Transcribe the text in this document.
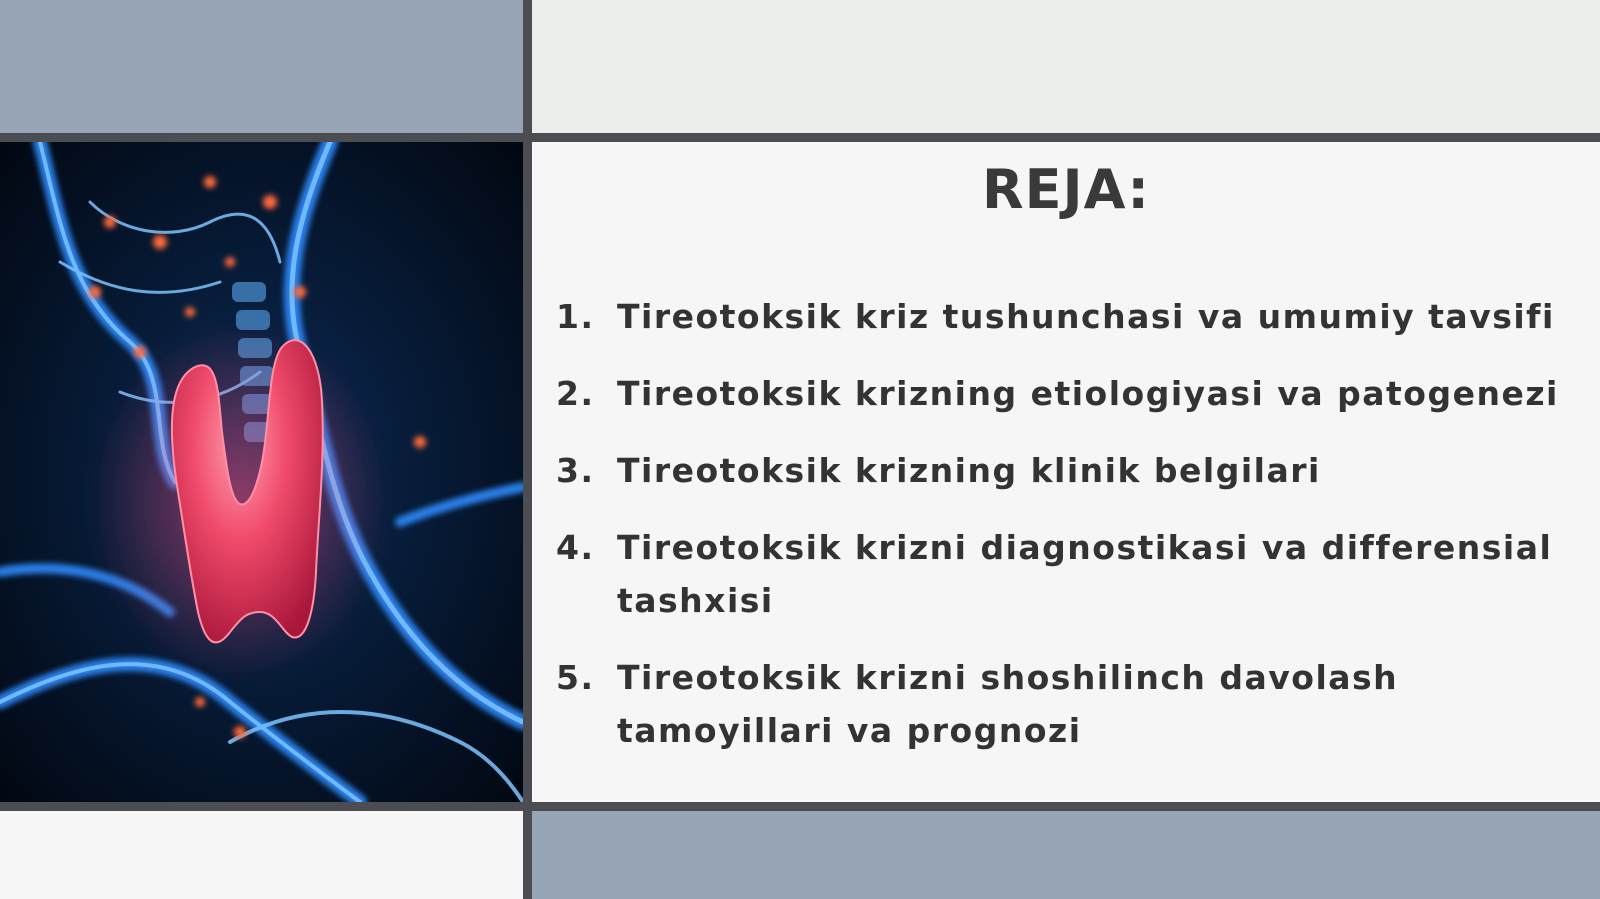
REJA:
1. Tireotoksik kriz tushunchasi va umumiy tavsifi
2. Tireotoksik krizning etiologiyasi va patogenezi
3. Tireotoksik krizning klinik belgilari
4. Tireotoksik krizni diagnostikasi va differensial tashxisi
5. Tireotoksik krizni shoshilinch davolash tamoyillari va prognozi
